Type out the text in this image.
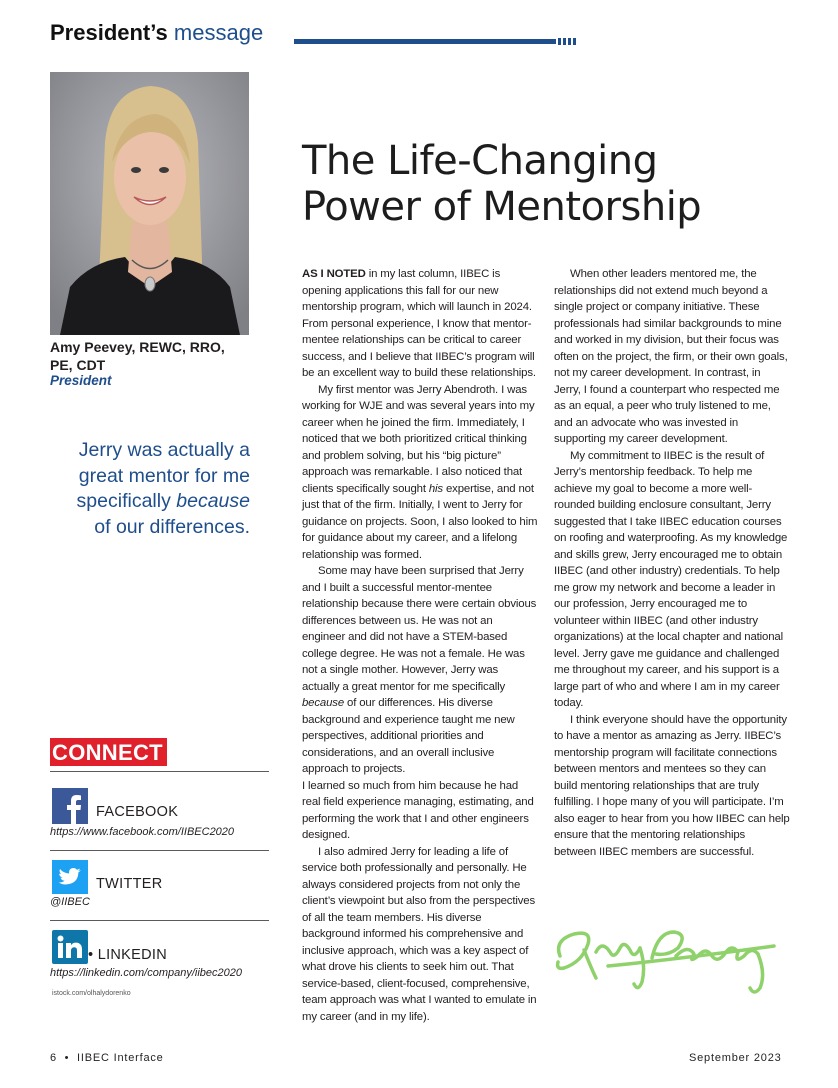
President’s message
Amy Peevey, REWC, RRO, PE, CDT
President
Jerry was actually a great mentor for me specifically because of our differences.
The Life-Changing
Power of Mentorship

AS I NOTED in my last column, IIBEC is opening applications this fall for our new mentorship program, which will launch in 2024. From personal experience, I know that mentor-mentee relationships can be critical to career success, and I believe that IIBEC’s program will be an excellent way to build these relationships.

My first mentor was Jerry Abendroth. I was working for WJE and was several years into my career when he joined the firm. Immediately, I noticed that we both prioritized critical thinking and problem solving, but his “big picture” approach was remarkable. I also noticed that clients specifically sought his expertise, and not just that of the firm. Initially, I went to Jerry for guidance on projects. Soon, I also looked to him for guidance about my career, and a lifelong relationship was formed.

Some may have been surprised that Jerry and I built a successful mentor-mentee relationship because there were certain obvious differences between us. He was not an engineer and did not have a STEM-based college degree. He was not a female. He was not a single mother. However, Jerry was actually a great mentor for me specifically because of our differences. His diverse background and experience taught me new perspectives, additional priorities and considerations, and an overall inclusive approach to projects.

I learned so much from him because he had real field experience managing, estimating, and performing the work that I and other engineers designed.

I also admired Jerry for leading a life of service both professionally and personally. He always considered projects from not only the client’s viewpoint but also from the perspectives of all the team members. His diverse background informed his comprehensive and inclusive approach, which was a key aspect of what drove his clients to seek him out. That service-based, client-focused, comprehensive, team approach was what I wanted to emulate in my career (and in my life).

When other leaders mentored me, the relationships did not extend much beyond a single project or company initiative. These professionals had similar backgrounds to mine and worked in my division, but their focus was often on the project, the firm, or their own goals, not my career development. In contrast, in Jerry, I found a counterpart who respected me as an equal, a peer who truly listened to me, and an advocate who was invested in supporting my career development.

My commitment to IIBEC is the result of Jerry’s mentorship feedback. To help me achieve my goal to become a more well-rounded building enclosure consultant, Jerry suggested that I take IIBEC education courses on roofing and waterproofing. As my knowledge and skills grew, Jerry encouraged me to obtain IIBEC (and other industry) credentials. To help me grow my network and become a leader in our profession, Jerry encouraged me to volunteer within IIBEC (and other industry organizations) at the local chapter and national level. Jerry gave me guidance and challenged me throughout my career, and his support is a large part of who and where I am in my career today.

I think everyone should have the opportunity to have a mentor as amazing as Jerry. IIBEC’s mentorship program will facilitate connections between mentors and mentees so they can build mentoring relationships that are truly fulfilling. I hope many of you will participate. I’m also eager to hear from you how IIBEC can help ensure that the mentoring relationships between IIBEC members are successful.

CONNECT
FACEBOOK
https://www.facebook.com/IIBEC2020
TWITTER
@IIBEC
• LINKEDIN
https://linkedin.com/company/iibec2020
istock.com/olhalydorenko
6  •  IIBEC Interface	September 2023
